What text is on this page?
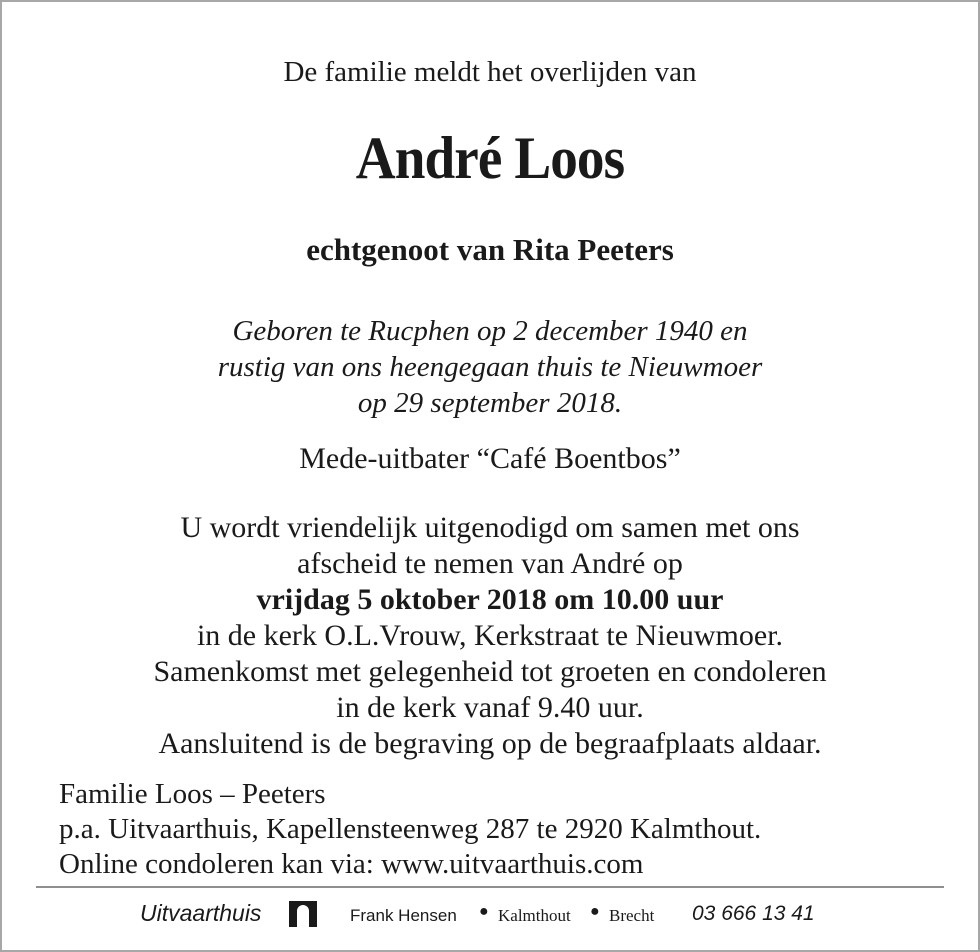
De familie meldt het overlijden van
André Loos
echtgenoot van Rita Peeters
Geboren te Rucphen op 2 december 1940 en
rustig van ons heengegaan thuis te Nieuwmoer
op 29 september 2018.
Mede-uitbater “Café Boentbos”
U wordt vriendelijk uitgenodigd om samen met ons
afscheid te nemen van André op
vrijdag 5 oktober 2018 om 10.00 uur
in de kerk O.L.Vrouw, Kerkstraat te Nieuwmoer.
Samenkomst met gelegenheid tot groeten en condoleren
in de kerk vanaf 9.40 uur.
Aansluitend is de begraving op de begraafplaats aldaar.
Familie Loos – Peeters
p.a. Uitvaarthuis, Kapellensteenweg 287 te 2920 Kalmthout.
Online condoleren kan via: www.uitvaarthuis.com
Uitvaarthuis	Frank Hensen ● Kalmthout ● Brecht 03 666 13 41
